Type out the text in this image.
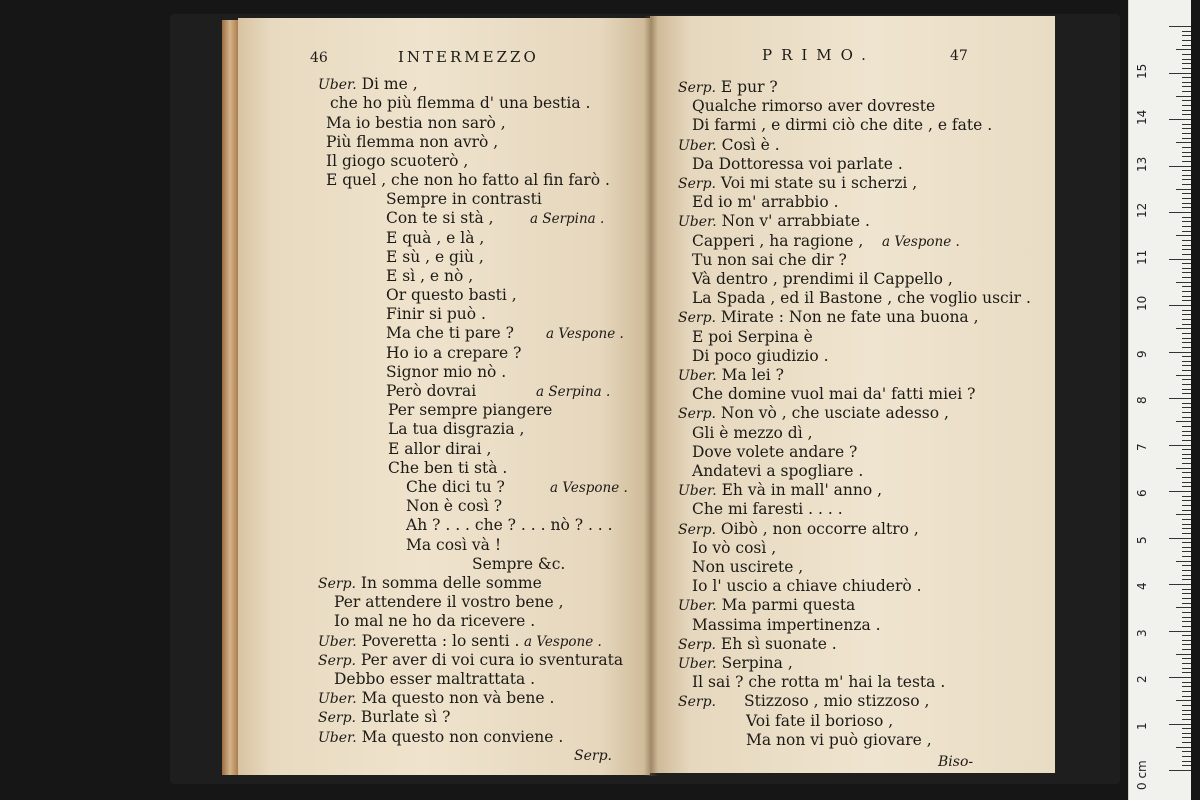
46	INTERMEZZO
Serp.
Uber. Di me ,
che ho più flemma d' una bestia .
Ma io bestia non sarò ,
Più flemma non avrò ,
Il giogo scuoterò ,
E quel , che non ho fatto al fin farò .
Sempre in contrasti
Con te si stà ,	a Serpina .
E quà , e là ,
E sù , e giù ,
E sì , e nò ,
Or questo basti ,
Finir si può .
Ma che ti pare ? a Vespone .
Ho io a crepare ?
Signor mio nò .
Però dovrai	a Serpina .
Per sempre piangere
La tua disgrazia ,
E allor dirai ,
Che ben ti stà .
Che dici tu ?	a Vespone .
Non è così ?
Ah ? . . . che ? . . . nò ? . . .
Ma così và !
Sempre &c.
Serp. In somma delle somme
Per attendere il vostro bene ,
Io mal ne ho da ricevere .
Uber. Poveretta : lo senti . a Vespone .
Serp. Per aver di voi cura io sventurata
Debbo esser maltrattata .
Uber. Ma questo non và bene .
Serp. Burlate sì ?
Uber. Ma questo non conviene .
PRIMO.	47
Biso-
Serp. E pur ?
Qualche rimorso aver dovreste
Di farmi , e dirmi ciò che dite , e fate .
Uber. Così è .
Da Dottoressa voi parlate .
Serp. Voi mi state su i scherzi ,
Ed io m' arrabbio .
Uber. Non v' arrabbiate .
Capperi , ha ragione , a Vespone .
Tu non sai che dir ?
Và dentro , prendimi il Cappello ,
La Spada , ed il Bastone , che voglio uscir .
Serp. Mirate : Non ne fate una buona ,
E poi Serpina è
Di poco giudizio .
Uber. Ma lei ?
Che domine vuol mai da' fatti miei ?
Serp. Non vò , che usciate adesso ,
Gli è mezzo dì ,
Dove volete andare ?
Andatevi a spogliare .
Uber. Eh và in mall' anno ,
Che mi faresti . . . .
Serp. Oibò , non occorre altro ,
Io vò così ,
Non uscirete ,
Io l' uscio a chiave chiuderò .
Uber. Ma parmi questa
Massima impertinenza .
Serp. Eh sì suonate .
Uber. Serpina ,
Il sai ? che rotta m' hai la testa .
Serp. Stizzoso , mio stizzoso ,
Voi fate il borioso ,
Ma non vi può giovare ,
0 cm
1
2
3
4
5
6
7
8
9
10
11
12
13
14
15
